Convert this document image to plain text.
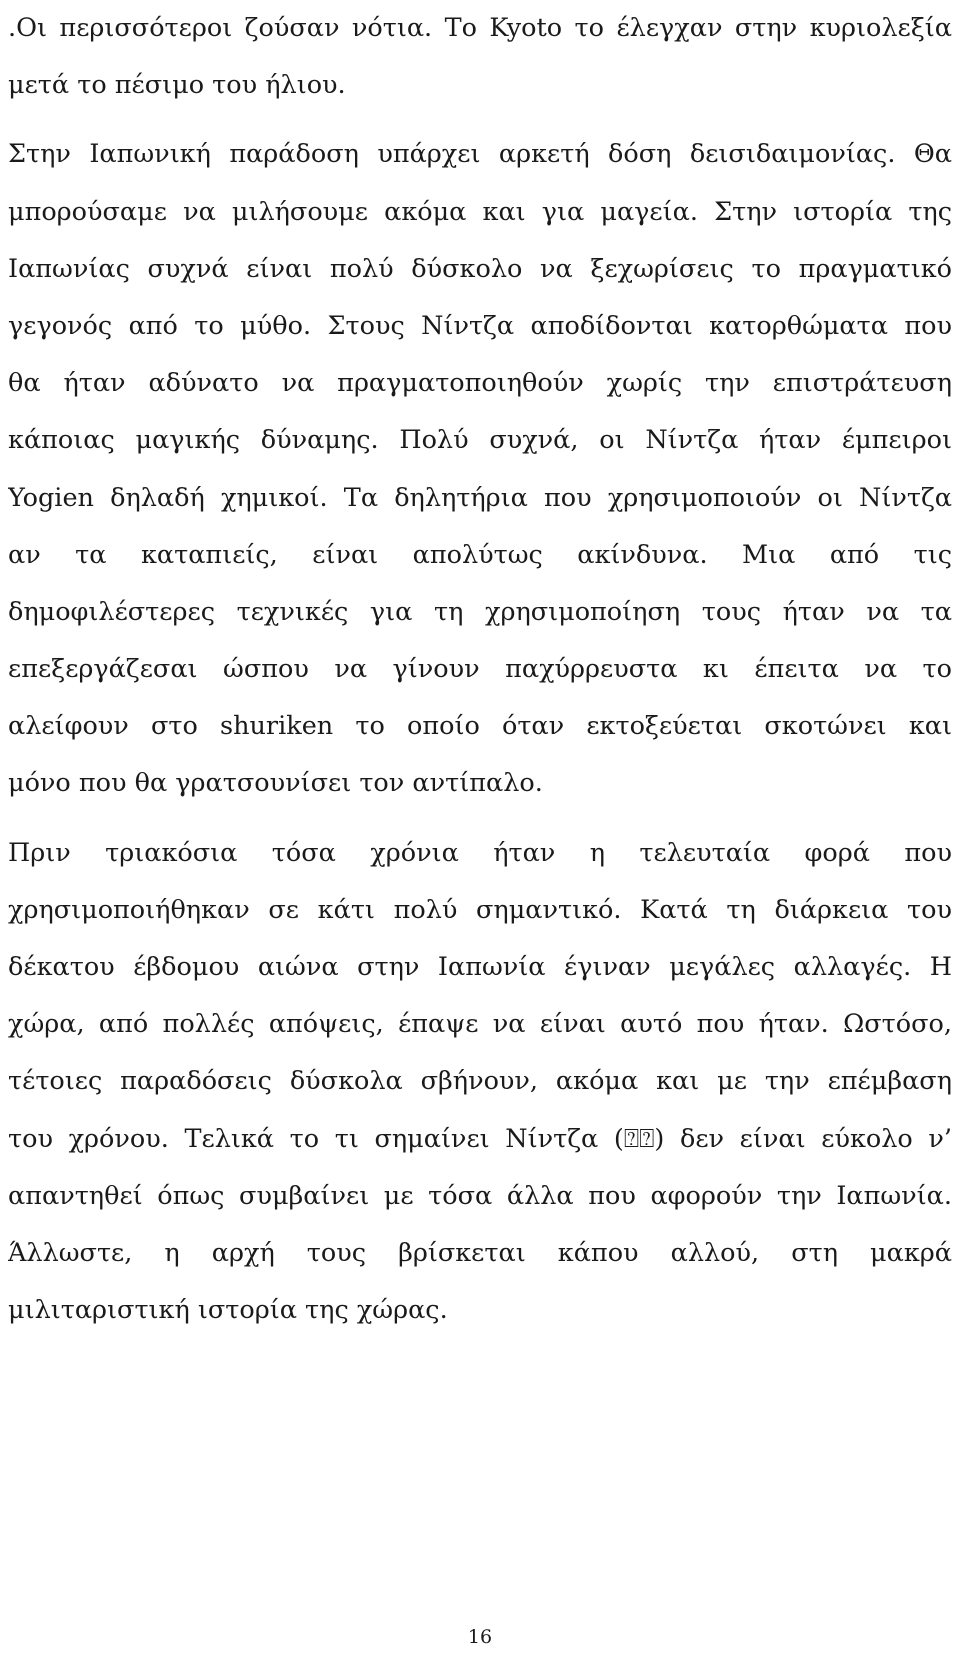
.Οι περισσότεροι ζούσαν νότια. Το Kyoto το έλεγχαν στην κυριολεξία
μετά το πέσιμο του ήλιου.
Στην Ιαπωνική παράδοση υπάρχει αρκετή δόση δεισιδαιμονίας. Θα
μπορούσαμε να μιλήσουμε ακόμα και για μαγεία. Στην ιστορία της
Ιαπωνίας συχνά είναι πολύ δύσκολο να ξεχωρίσεις το πραγματικό
γεγονός από το μύθο. Στους Νίντζα αποδίδονται κατορθώματα που
θα ήταν αδύνατο να πραγματοποιηθούν χωρίς την επιστράτευση
κάποιας μαγικής δύναμης. Πολύ συχνά, οι Νίντζα ήταν έμπειροι
Yogien δηλαδή χημικοί. Τα δηλητήρια που χρησιμοποιούν οι Νίντζα
αν τα καταπιείς, είναι απολύτως ακίνδυνα. Μια από τις
δημοφιλέστερες τεχνικές για τη χρησιμοποίηση τους ήταν να τα
επεξεργάζεσαι ώσπου να γίνουν παχύρρευστα κι έπειτα να το
αλείφουν στο shuriken το οποίο όταν εκτοξεύεται σκοτώνει και
μόνο που θα γρατσουνίσει τον αντίπαλο.
Πριν τριακόσια τόσα χρόνια ήταν η τελευταία φορά που
χρησιμοποιήθηκαν σε κάτι πολύ σημαντικό. Κατά τη διάρκεια του
δέκατου έβδομου αιώνα στην Ιαπωνία έγιναν μεγάλες αλλαγές. Η
χώρα, από πολλές απόψεις, έπαψε να είναι αυτό που ήταν. Ωστόσο,
τέτοιες παραδόσεις δύσκολα σβήνουν, ακόμα και με την επέμβαση
του χρόνου. Τελικά το τι σημαίνει Νίντζα (⍰⍰) δεν είναι εύκολο ν’
απαντηθεί όπως συμβαίνει με τόσα άλλα που αφορούν την Ιαπωνία.
Άλλωστε, η αρχή τους βρίσκεται κάπου αλλού, στη μακρά
μιλιταριστική ιστορία της χώρας.
16
